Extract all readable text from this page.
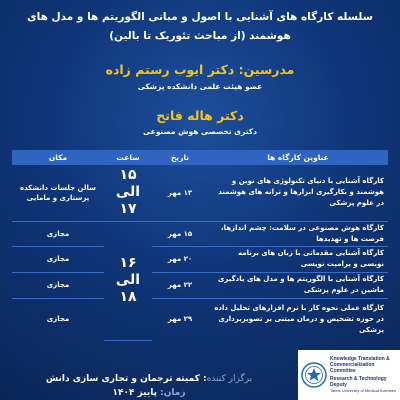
سلسله کارگاه های آشنایی با اصول و مبانی الگوریتم ها و مدل های هوشمند (از مباحث تئوریک تا بالین)
مدرسین: دکتر ایوب رستم زاده
عضو هیئت علمی دانشکده پزشکی
دکتر هاله فاتح
دکتری تخصصی هوش مصنوعی
عناوین کارگاه ها	تاریخ	ساعت	مکان
کارگاه آشنایی با دنیای تکنولوژی های نوین و هوشمند و بکارگیری ابزارها و ترانه های هوشمند در علوم پزشکی	۱۳ مهر	۱۵ الی ۱۷	سالن جلسات دانشکده پرستاری و مامایی
کارگاه هوش مصنوعی در سلامت: چشم اندازها، فرصت ها و تهدیدها	۱۵ مهر	۱۶ الی ۱۸	مجازی
کارگاه آشنایی مقدماتی با زبان های برنامه نویسی و پرامپت نویسی	۲۰ مهر		مجازی
کارگاه آشنایی با الگوریتم ها و مدل های یادگیری ماشین در علوم پزشکی	۲۲ مهر		مجازی
کارگاه عملی نحوه کار با نرم افزارهای تحلیل داده در حوزه تشخیص و درمان مبتنی بر تصویربرداری پزشکی	۲۹ مهر		مجازی
برگزار کننده: کمیته ترجمان و تجاری سازی دانش
زمان: پاییز ۱۴۰۴
Knowledge Translation & Commercialization Committee
Research & Technology Deputy
Tabriz University of Medical Sciences
